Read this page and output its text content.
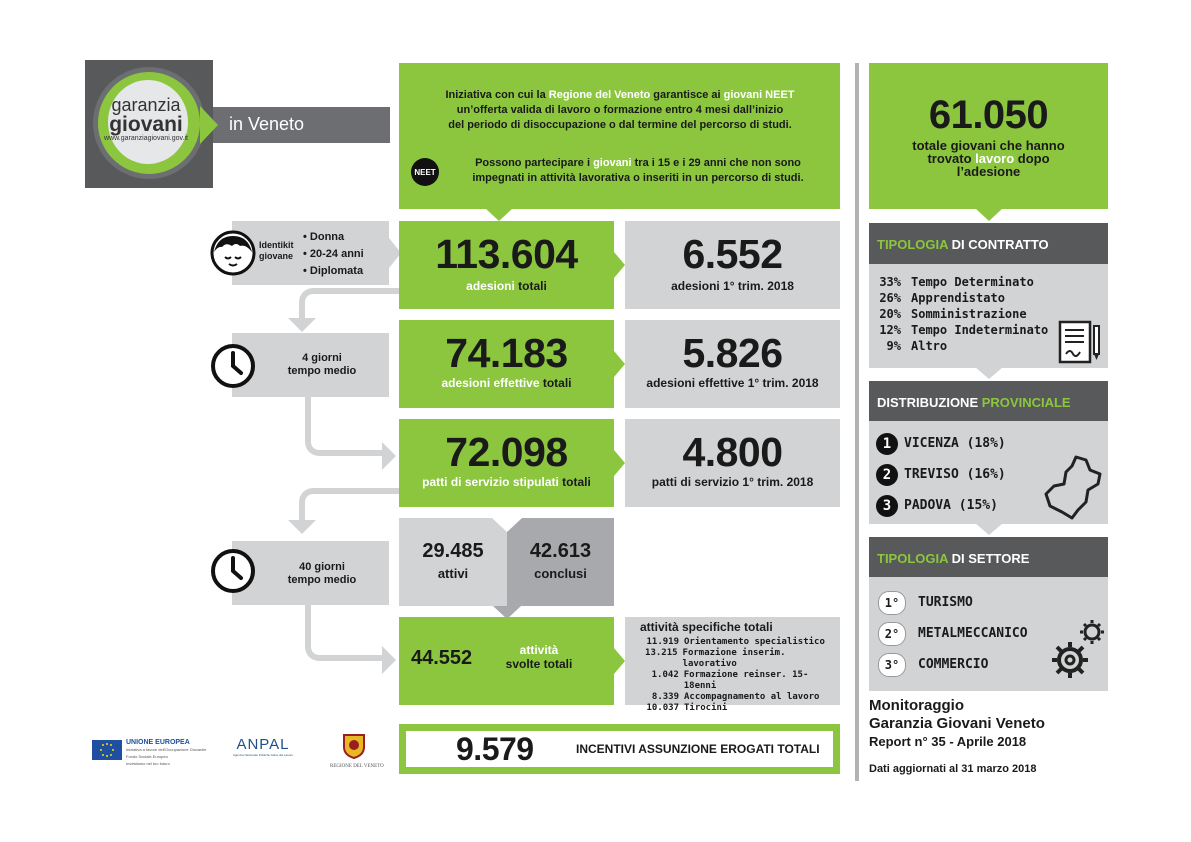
in Veneto
garanzia
giovani
www.garanziagiovani.gov.it
Iniziativa con cui la Regione del Veneto garantisce ai giovani NEET
un’offerta valida di lavoro o formazione entro 4 mesi dall’inizio
del periodo di disoccupazione o dal termine del percorso di studi.
NEET
Possono partecipare i giovani tra i 15 e i 29 anni che non sono
impegnati in attività lavorativa o inseriti in un percorso di studi.
Identikit
giovane
• Donna
• 20-24 anni
• Diplomata
4 giorni
tempo medio
40 giorni
tempo medio
113.604
adesioni totali
6.552
adesioni 1° trim. 2018
74.183
adesioni effettive totali
5.826
adesioni effettive 1° trim. 2018
72.098
patti di servizio stipulati totali
4.800
patti di servizio 1° trim. 2018
29.485
attivi
42.613
conclusi
44.552	attività
svolte totali
attività specifiche totali
11.919 Orientamento specialistico
13.215 Formazione inserim. lavorativo
1.042 Formazione reinser. 15-18enni
8.339 Accompagnamento al lavoro
10.037 Tirocini
9.579	INCENTIVI ASSUNZIONE EROGATI TOTALI
UNIONE EUROPEA
Iniziativa a favore dell'Occupazione Giovanile
Fondo Sociale Europeo
Investiamo nel tuo futuro
ANPAL
Agenzia Nazionale Politiche Attive del Lavoro
REGIONE DEL VENETO
61.050
totale giovani che hanno
trovato lavoro dopo
l’adesione
TIPOLOGIA DI CONTRATTO
33% Tempo Determinato
26% Apprendistato
20% Somministrazione
12% Tempo Indeterminato
9% Altro
DISTRIBUZIONE PROVINCIALE
1 VICENZA (18%)
2 TREVISO (16%)
3 PADOVA (15%)
TIPOLOGIA DI SETTORE
1°	TURISMO
2°	METALMECCANICO
3°	COMMERCIO
Monitoraggio
Garanzia Giovani Veneto
Report n° 35 - Aprile 2018
Dati aggiornati al 31 marzo 2018
